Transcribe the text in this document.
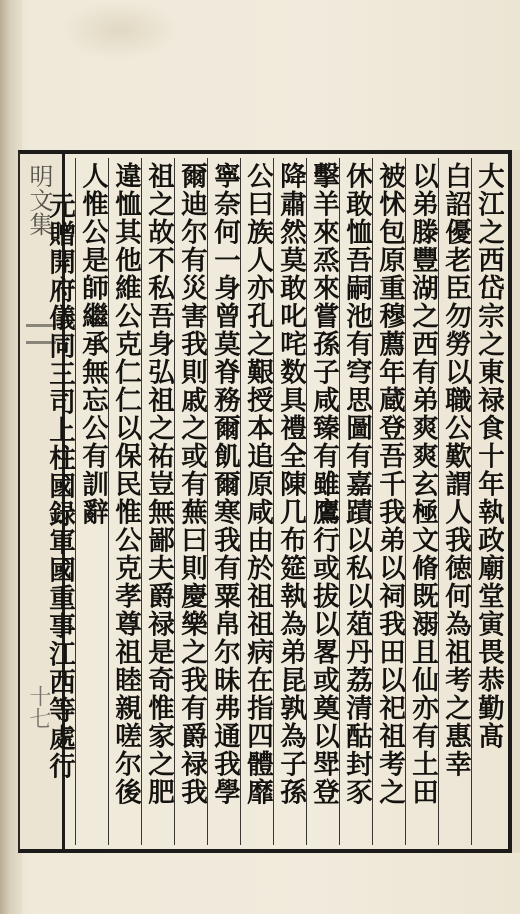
明文集
十七	大江之西岱宗之東禄食十年執政廟堂寅畏恭勤髙
白詔優老臣勿勞以職公歎謂人我徳何為祖考之惠幸
以弟滕豐湖之西有弟爽爽玄極文脩既溺且仙亦有土田
被怵包原重穆薦年蔵登吾千我弟以祠我田以祀祖考之
休敢恤吾嗣池有穹思圖有嘉蹟以私以葅丹荔清酤封豕
擊羊來烝來嘗孫子咸臻有雖鷹行或拔以畧或奠以斝登
降肅然莫敢叱咤数具禮全陳几布筵執為弟昆孰為子孫
公曰族人亦孔之艱授本追原咸由於祖祖病在指四體靡
寧奈何一身曾莫脊務爾飢爾寒我有粟帛尔昧弗通我學
爾迪尔有災害我則戚之或有蕪曰則慶樂之我有爵禄我
祖之故不私吾身弘祖之祐豈無鄙夫爵禄是奇惟家之肥
違恤其他維公克仁仁以保民惟公克孝尊祖睦親嗟尔後
人惟公是師繼承無忘公有訓辭
元贈開府儀同三司上柱國録軍國重事江西等處行
